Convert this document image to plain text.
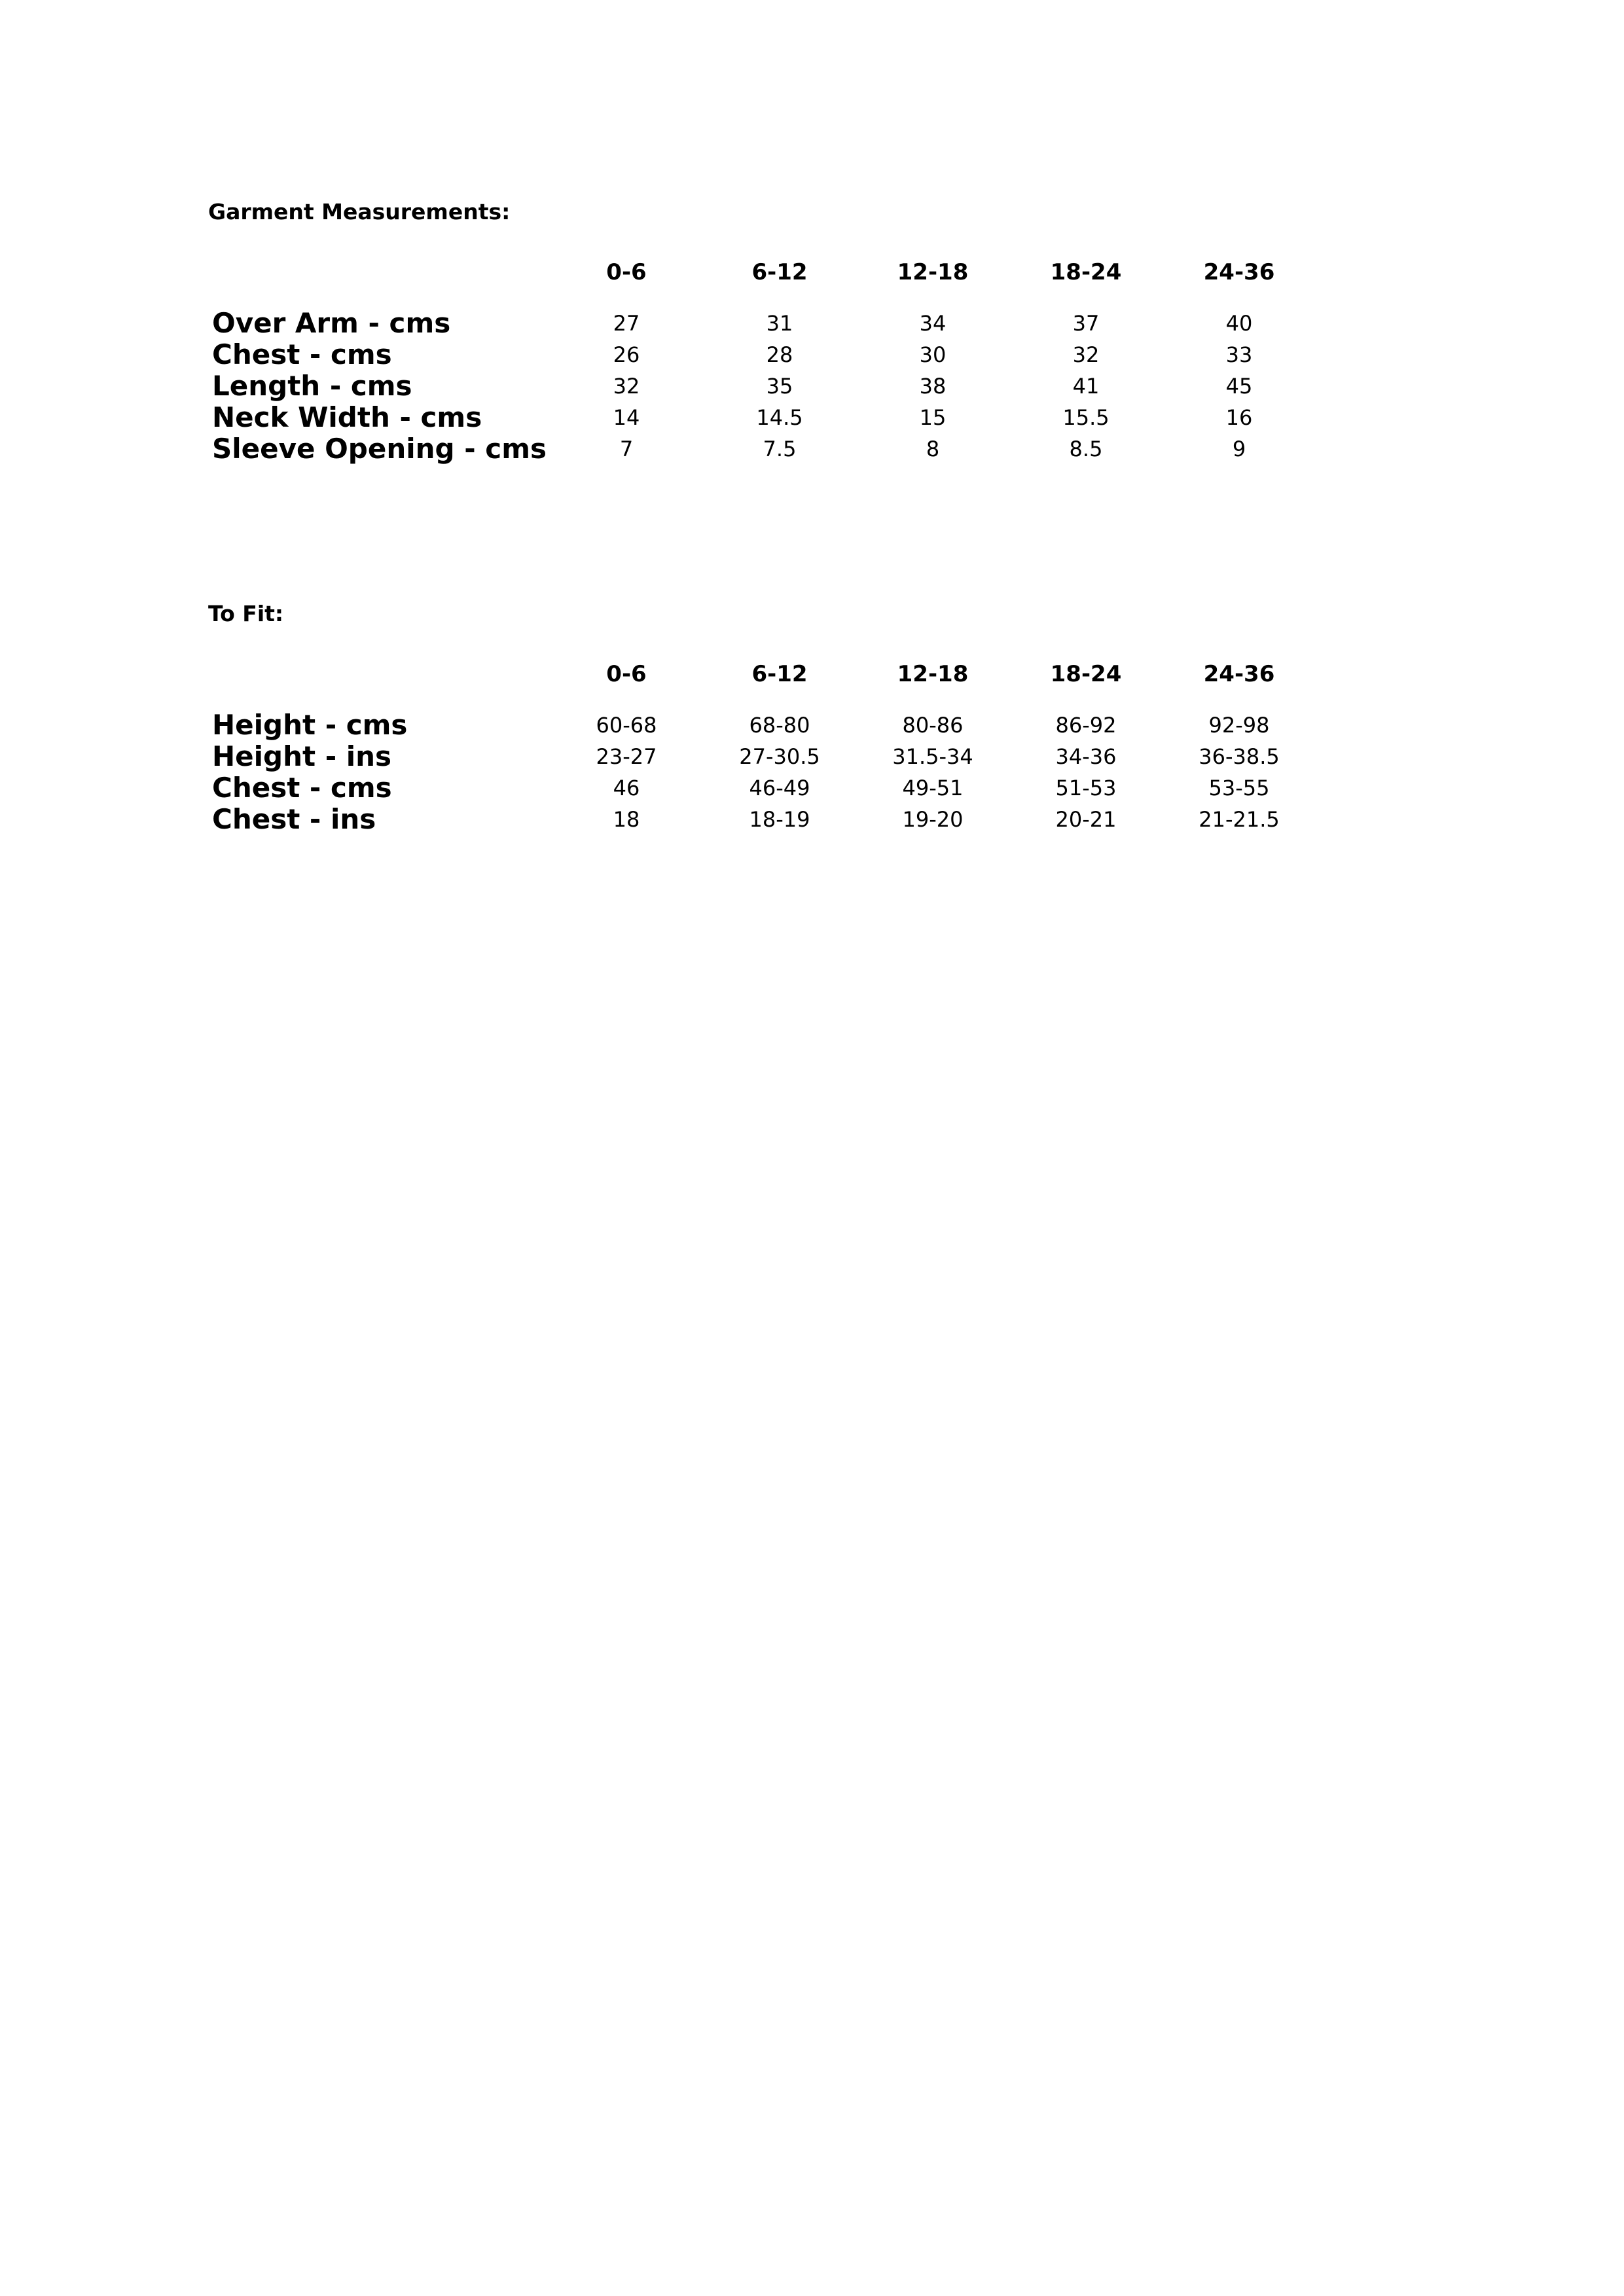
Garment Measurements:
	0-6	6-12	12-18	18-24	24-36
Over Arm - cms	27	31	34	37	40
Chest - cms	26	28	30	32	33
Length - cms	32	35	38	41	45
Neck Width - cms	14	14.5	15	15.5	16
Sleeve Opening - cms	7	7.5	8	8.5	9
To Fit:
	0-6	6-12	12-18	18-24	24-36
Height - cms	60-68	68-80	80-86	86-92	92-98
Height - ins	23-27	27-30.5	31.5-34	34-36	36-38.5
Chest - cms	46	46-49	49-51	51-53	53-55
Chest - ins	18	18-19	19-20	20-21	21-21.5
